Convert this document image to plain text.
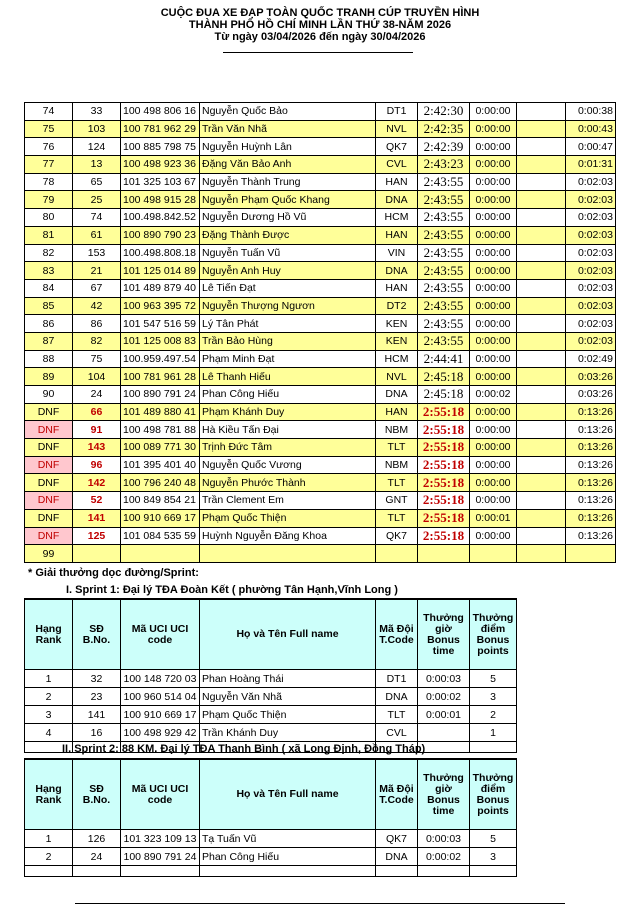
CUỘC ĐUA XE ĐẠP TOÀN QUỐC TRANH CÚP TRUYỀN HÌNH
THÀNH PHỐ HỒ CHÍ MINH LẦN THỨ 38-NĂM 2026
Từ ngày 03/04/2026 đến ngày 30/04/2026
74	33	100 498 806 16	Nguyễn Quốc Bảo	DT1	2:42:30	0:00:00		0:00:38
75	103	100 781 962 29	Trần Văn Nhã	NVL	2:42:35	0:00:00		0:00:43
76	124	100 885 798 75	Nguyễn Huỳnh Lân	QK7	2:42:39	0:00:00		0:00:47
77	13	100 498 923 36	Đặng Văn Bảo Anh	CVL	2:43:23	0:00:00		0:01:31
78	65	101 325 103 67	Nguyễn Thành Trung	HAN	2:43:55	0:00:00		0:02:03
79	25	100 498 915 28	Nguyễn Phạm Quốc Khang	DNA	2:43:55	0:00:00		0:02:03
80	74	100.498.842.52	Nguyễn Dương Hồ Vũ	HCM	2:43:55	0:00:00		0:02:03
81	61	100 890 790 23	Đặng Thành Được	HAN	2:43:55	0:00:00		0:02:03
82	153	100.498.808.18	Nguyễn Tuấn Vũ	VIN	2:43:55	0:00:00		0:02:03
83	21	101 125 014 89	Nguyễn Anh Huy	DNA	2:43:55	0:00:00		0:02:03
84	67	101 489 879 40	Lê Tiến Đạt	HAN	2:43:55	0:00:00		0:02:03
85	42	100 963 395 72	Nguyễn Thượng Ngươn	DT2	2:43:55	0:00:00		0:02:03
86	86	101 547 516 59	Lý Tân Phát	KEN	2:43:55	0:00:00		0:02:03
87	82	101 125 008 83	Trần Bảo Hùng	KEN	2:43:55	0:00:00		0:02:03
88	75	100.959.497.54	Phạm Minh Đạt	HCM	2:44:41	0:00:00		0:02:49
89	104	100 781 961 28	Lê Thanh Hiếu	NVL	2:45:18	0:00:00		0:03:26
90	24	100 890 791 24	Phan Công Hiếu	DNA	2:45:18	0:00:02		0:03:26
DNF	66	101 489 880 41	Phạm Khánh Duy	HAN	2:55:18	0:00:00		0:13:26
DNF	91	100 498 781 88	Hà Kiều Tấn Đại	NBM	2:55:18	0:00:00		0:13:26
DNF	143	100 089 771 30	Trịnh Đức Tâm	TLT	2:55:18	0:00:00		0:13:26
DNF	96	101 395 401 40	Nguyễn Quốc Vương	NBM	2:55:18	0:00:00		0:13:26
DNF	142	100 796 240 48	Nguyễn Phước Thành	TLT	2:55:18	0:00:00		0:13:26
DNF	52	100 849 854 21	Trần Clement Em	GNT	2:55:18	0:00:00		0:13:26
DNF	141	100 910 669 17	Phạm Quốc Thiện	TLT	2:55:18	0:00:01		0:13:26
DNF	125	101 084 535 59	Huỳnh Nguyễn Đăng Khoa	QK7	2:55:18	0:00:00		0:13:26
99								
* Giải thưởng dọc đường/Sprint:
I. Sprint 1: Đại lý TĐA Đoàn Kết ( phường Tân Hạnh,Vĩnh Long )
Hạng Rank	SĐ B.No.	Mã UCI UCI code	Họ và Tên Full name	Mã Đội T.Code	Thưởng giờ Bonus time	Thưởng điểm Bonus points
1	32	100 148 720 03	Phan Hoàng Thái	DT1	0:00:03	5
2	23	100 960 514 04	Nguyễn Văn Nhã	DNA	0:00:02	3
3	141	100 910 669 17	Phạm Quốc Thiện	TLT	0:00:01	2
4	16	100 498 929 42	Trần Khánh Duy	CVL		1

II. Sprint 2: 88 KM. Đại lý TĐA Thanh Bình ( xã Long Định, Đồng Tháp)
Hạng Rank	SĐ B.No.	Mã UCI UCI code	Họ và Tên Full name	Mã Đội T.Code	Thưởng giờ Bonus time	Thưởng điểm Bonus points
1	126	101 323 109 13	Tạ Tuấn Vũ	QK7	0:00:03	5
2	24	100 890 791 24	Phan Công Hiếu	DNA	0:00:02	3
